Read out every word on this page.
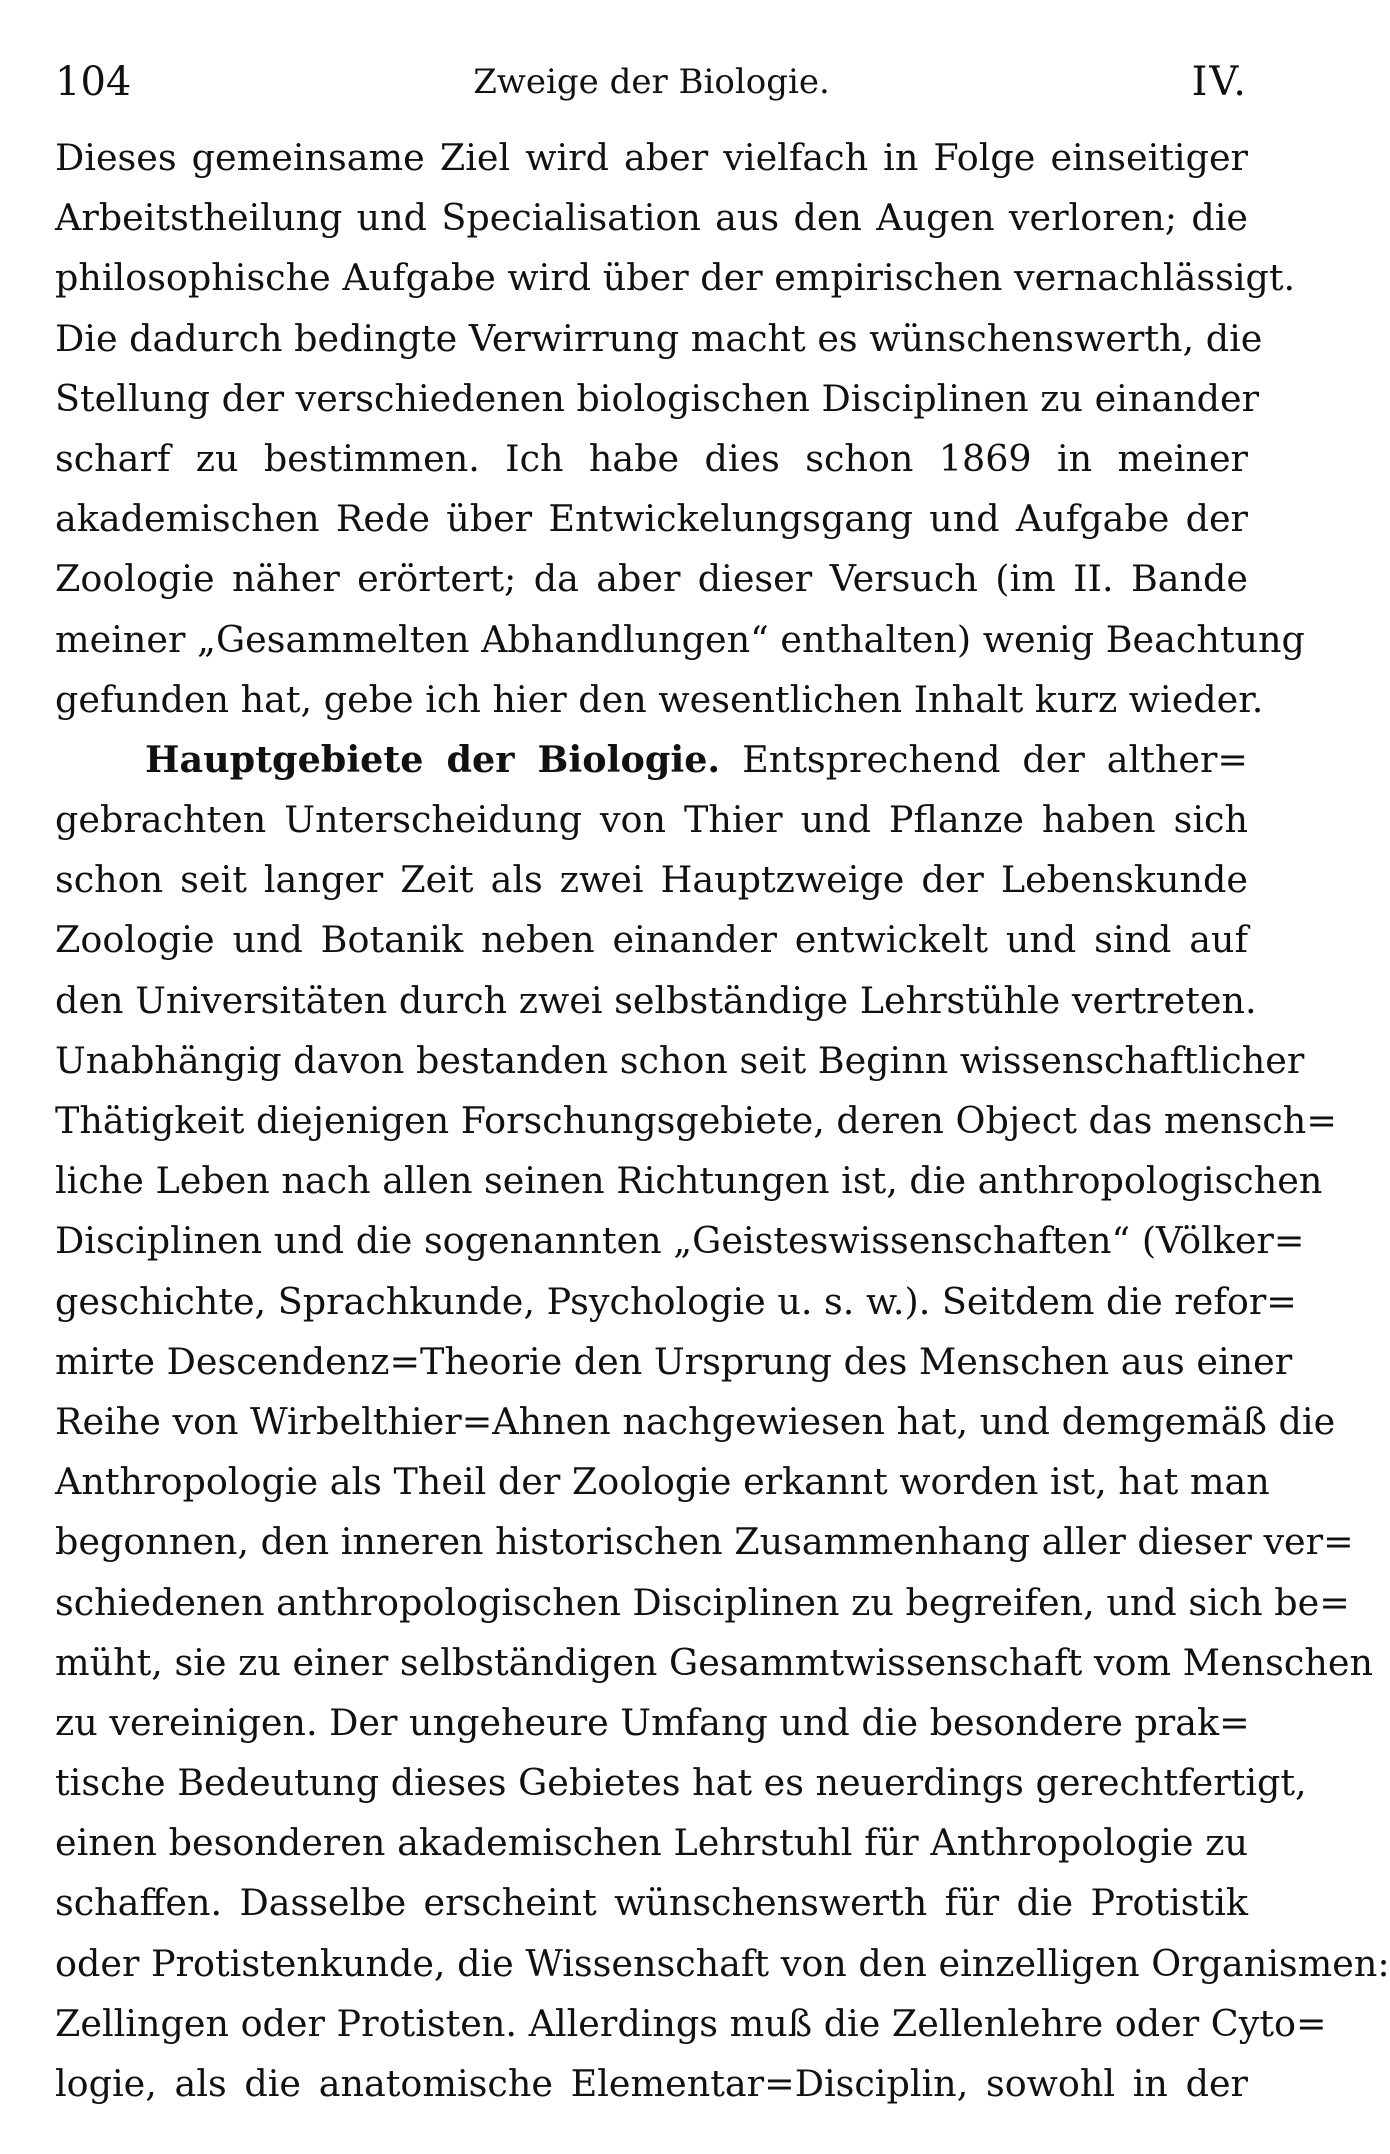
104	Zweige der Biologie.	IV.
Dieses gemeinsame Ziel wird aber vielfach in Folge einseitiger
Arbeitstheilung und Specialisation aus den Augen verloren; die
philosophische Aufgabe wird über der empirischen vernachlässigt.
Die dadurch bedingte Verwirrung macht es wünschenswerth, die
Stellung der verschiedenen biologischen Disciplinen zu einander
scharf zu bestimmen. Ich habe dies schon 1869 in meiner
akademischen Rede über Entwickelungsgang und Aufgabe der
Zoologie näher erörtert; da aber dieser Versuch (im II. Bande
meiner „Gesammelten Abhandlungen“ enthalten) wenig Beachtung
gefunden hat, gebe ich hier den wesentlichen Inhalt kurz wieder.
Hauptgebiete der Biologie. Entsprechend der alther=
gebrachten Unterscheidung von Thier und Pflanze haben sich
schon seit langer Zeit als zwei Hauptzweige der Lebenskunde
Zoologie und Botanik neben einander entwickelt und sind auf
den Universitäten durch zwei selbständige Lehrstühle vertreten.
Unabhängig davon bestanden schon seit Beginn wissenschaftlicher
Thätigkeit diejenigen Forschungsgebiete, deren Object das mensch=
liche Leben nach allen seinen Richtungen ist, die anthropologischen
Disciplinen und die sogenannten „Geisteswissenschaften“ (Völker=
geschichte, Sprachkunde, Psychologie u. s. w.). Seitdem die refor=
mirte Descendenz=Theorie den Ursprung des Menschen aus einer
Reihe von Wirbelthier=Ahnen nachgewiesen hat, und demgemäß die
Anthropologie als Theil der Zoologie erkannt worden ist, hat man
begonnen, den inneren historischen Zusammenhang aller dieser ver=
schiedenen anthropologischen Disciplinen zu begreifen, und sich be=
müht, sie zu einer selbständigen Gesammtwissenschaft vom Menschen
zu vereinigen. Der ungeheure Umfang und die besondere prak=
tische Bedeutung dieses Gebietes hat es neuerdings gerechtfertigt,
einen besonderen akademischen Lehrstuhl für Anthropologie zu
schaffen. Dasselbe erscheint wünschenswerth für die Protistik
oder Protistenkunde, die Wissenschaft von den einzelligen Organismen:
Zellingen oder Protisten. Allerdings muß die Zellenlehre oder Cyto=
logie, als die anatomische Elementar=Disciplin, sowohl in der
